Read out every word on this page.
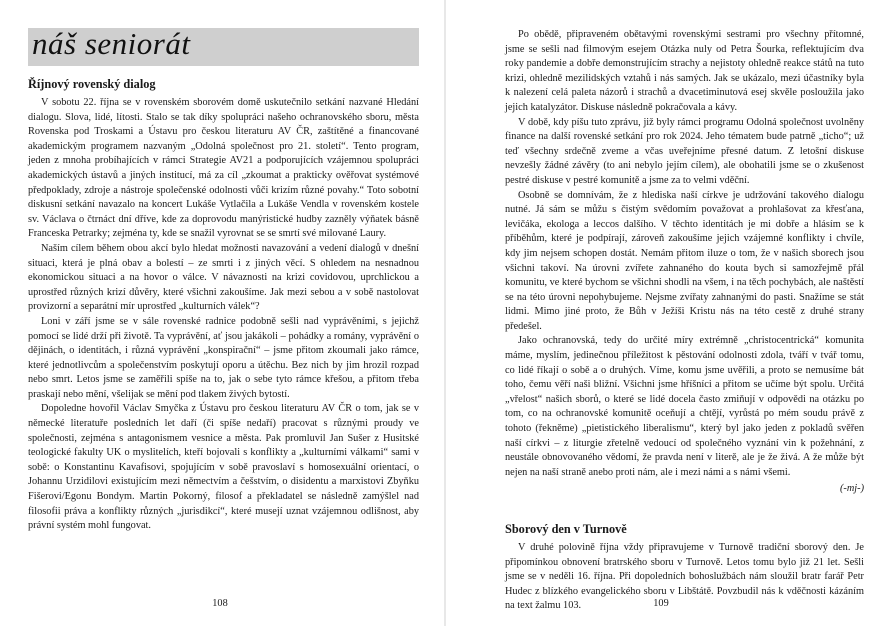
náš seniorát
Říjnový rovenský dialog

V sobotu 22. října se v rovenském sborovém domě uskutečnilo setkání nazvané Hledání dialogu. Slova, lidé, lítosti. Stalo se tak díky spolupráci našeho ochranovského sboru, města Rovenska pod Troskami a Ústavu pro českou literaturu AV ČR, zaštítěné a financované akademickým programem nazvaným „Odolná společnost pro 21. století“. Tento program, jeden z mnoha probíhajících v rámci Strategie AV21 a podporujících vzájemnou spolupráci akademických ústavů a jiných institucí, má za cíl „zkoumat a prakticky ověřovat systémové předpoklady, zdroje a nástroje společenské odolnosti vůči krizím různé povahy.“ Toto sobotní diskusní setkání navazalo na koncert Lukáše Vytlačila a Lukáše Vendla v rovenském kostele sv. Václava o čtrnáct dní dříve, kde za doprovodu manýristické hudby zazněly výňatek básně Franceska Petrarky; zejména ty, kde se snažil vyrovnat se se smrtí své milované Laury.

Naším cílem během obou akcí bylo hledat možnosti navazování a vedení dialogů v dnešní situaci, která je plná obav a bolestí – ze smrti i z jiných věcí. S ohledem na nesnadnou ekonomickou situaci a na hovor o válce. V návaznosti na krizi covidovou, uprchlickou a uprostřed různých krizí důvěry, které všichni zakoušíme. Jak mezi sebou a v sobě nastolovat provizorní a separátní mír uprostřed „kulturních válek“?

Loni v září jsme se v sále rovenské radnice podobně sešli nad vyprávěními, s jejichž pomocí se lidé drží při životě. Ta vyprávění, ať jsou jakákoli – pohádky a romány, vyprávění o dějinách, o identitách, i různá vyprávění „konspirační“ – jsme přitom zkoumali jako rámce, které jednotlivcům a společenstvím poskytují oporu a útěchu. Bez nich by jim hrozil rozpad nebo smrt. Letos jsme se zaměřili spíše na to, jak o sebe tyto rámce křešou, a přitom třeba praskají nebo mění, všelijak se mění pod tlakem živých bytostí.

Dopoledne hovořil Václav Smyčka z Ústavu pro českou literaturu AV ČR o tom, jak se v německé literatuře posledních let daří (či spíše nedaří) pracovat s různými proudy ve společnosti, zejména s antagonismem vesnice a města. Pak promluvil Jan Sušer z Husitské teologické fakulty UK o myslitelích, kteří bojovali s konflikty a „kulturními válkami“ sami v sobě: o Konstantinu Kavafisovi, spojujícím v sobě pravoslaví s homosexuální orientací, o Johannu Urzidilovi existujícím mezi němectvím a češstvím, o disidentu a marxistovi Zbyňku Fišerovi/Egonu Bondym. Martin Pokorný, filosof a překladatel se následně zamýšlel nad filosofii práva a konflikty různých „jurisdikcí“, které musejí uznat vzájemnou odlišnost, aby právní systém mohl fungovat.

108

Po obědě, připraveném obětavými rovenskými sestrami pro všechny přítomné, jsme se sešli nad filmovým esejem Otázka nuly od Petra Šourka, reflektujícím dva roky pandemie a dobře demonstrujícím strachy a nejistoty ohledně reakce států na tuto krizi, ohledně mezilidských vztahů i nás samých. Jak se ukázalo, mezi účastníky byla k nalezení celá paleta názorů i strachů a dvacetiminutová esej skvěle posloužila jako jejich katalyzátor. Diskuse následně pokračovala a kávy.

V době, kdy píšu tuto zprávu, již byly rámci programu Odolná společnost uvolněny finance na další rovenské setkání pro rok 2024. Jeho tématem bude patrně „ticho“; už teď všechny srdečně zveme a včas uveřejníme přesné datum. Z letošní diskuse nevzešly žádné závěry (to ani nebylo jejím cílem), ale obohatili jsme se o zkušenost pestré diskuse v pestré komunitě a jsme za to velmi vděční.

Osobně se domnívám, že z hlediska naší církve je udržování takového dialogu nutné. Já sám se můžu s čistým svědomím považovat a prohlašovat za křesťana, levičáka, ekologa a leccos dalšího. V těchto identitách je mi dobře a hlásím se k příběhům, které je podpírají, zároveň zakoušíme jejich vzájemné konflikty i chvíle, kdy jim nejsem schopen dostát. Nemám přitom iluze o tom, že v našich sborech jsou všichni takoví. Na úrovni zvířete zahnaného do kouta bych si samozřejmě přál komunitu, ve které bychom se všichni shodli na všem, i na těch pochybách, ale naštěstí se na této úrovni nepohybujeme. Nejsme zvířaty zahnanými do pasti. Snažíme se stát lidmi. Mimo jiné proto, že Bůh v Ježíši Kristu nás na této cestě z druhé strany předešel.

Jako ochranovská, tedy do určité míry extrémně „christocentrická“ komunita máme, myslím, jedinečnou příležitost k pěstování odolnosti zdola, tváří v tvář tomu, co lidé říkají o sobě a o druhých. Víme, komu jsme uvěřili, a proto se nemusíme bát toho, čemu věří naši bližní. Všichni jsme hříšníci a přitom se učíme být spolu. Určitá „vřelost“ našich sborů, o které se lidé docela často zmiňují v odpovědi na otázku po tom, co na ochranovské komunitě oceňují a chtějí, vyrůstá po mém soudu právě z tohoto (řekněme) „pietistického liberalismu“, který byl jako jeden z pokladů svěřen naší církvi – z liturgie zřetelně vedoucí od společného vyznání vin k požehnání, z neustále obnovovaného vědomí, že pravda není v literě, ale je že živá. A že může být nejen na naší straně anebo proti nám, ale i mezi námi a s námi všemi.

(-mj-)
Sborový den v Turnově

V druhé polovině října vždy připravujeme v Turnově tradiční sborový den. Je připomínkou obnovení bratrského sboru v Turnově. Letos tomu bylo již 21 let. Sešli jsme se v neděli 16. října. Při dopoledních bohoslužbách nám sloužil bratr farář Petr Hudec z blízkého evangelického sboru v Libštátě. Povzbudil nás k vděčnosti kázáním na text žalmu 103.	109
